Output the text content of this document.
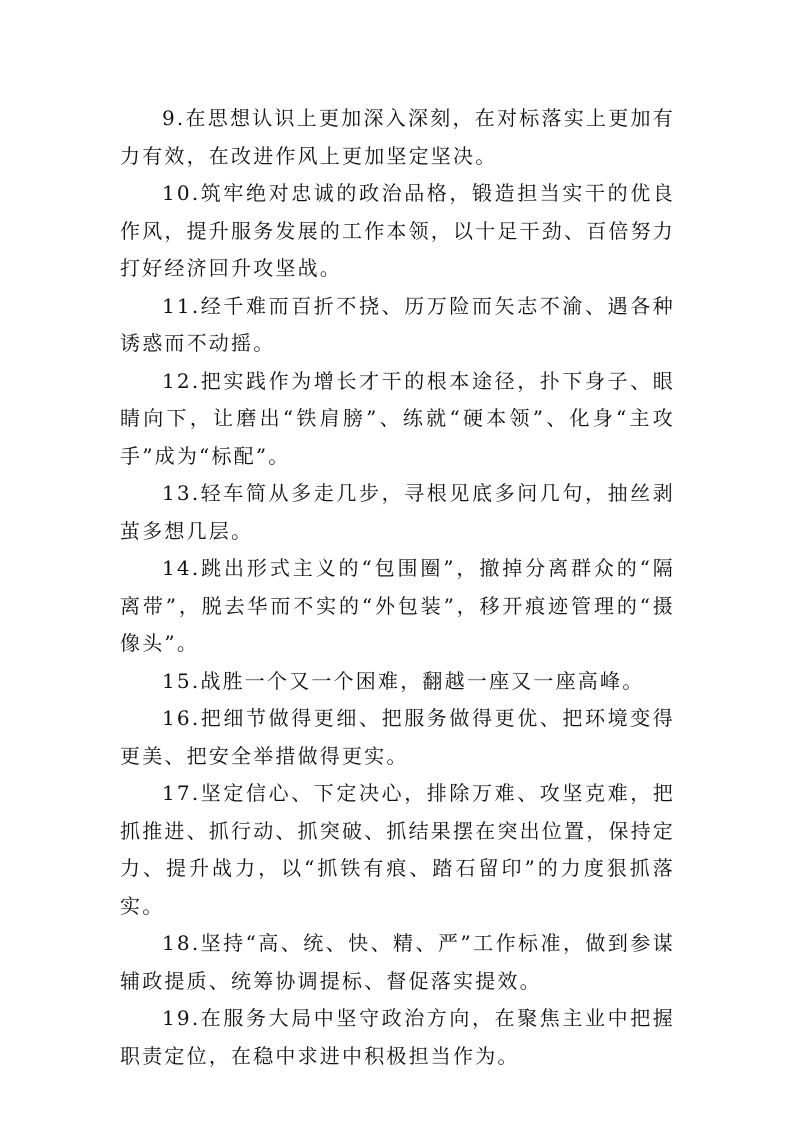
9.在思想认识上更加深入深刻，在对标落实上更加有力有效，在改进作风上更加坚定坚决。

10.筑牢绝对忠诚的政治品格，锻造担当实干的优良作风，提升服务发展的工作本领，以十足干劲、百倍努力打好经济回升攻坚战。

11.经千难而百折不挠、历万险而矢志不渝、遇各种诱惑而不动摇。

12.把实践作为增长才干的根本途径，扑下身子、眼睛向下，让磨出“铁肩膀”、练就“硬本领”、化身“主攻手”成为“标配”。

13.轻车简从多走几步，寻根见底多问几句，抽丝剥茧多想几层。

14.跳出形式主义的“包围圈”，撤掉分离群众的“隔离带”，脱去华而不实的“外包装”，移开痕迹管理的“摄像头”。

15.战胜一个又一个困难，翻越一座又一座高峰。

16.把细节做得更细、把服务做得更优、把环境变得更美、把安全举措做得更实。

17.坚定信心、下定决心，排除万难、攻坚克难，把抓推进、抓行动、抓突破、抓结果摆在突出位置，保持定力、提升战力，以“抓铁有痕、踏石留印”的力度狠抓落实。

18.坚持“高、统、快、精、严”工作标准，做到参谋辅政提质、统筹协调提标、督促落实提效。

19.在服务大局中坚守政治方向，在聚焦主业中把握职责定位，在稳中求进中积极担当作为。
